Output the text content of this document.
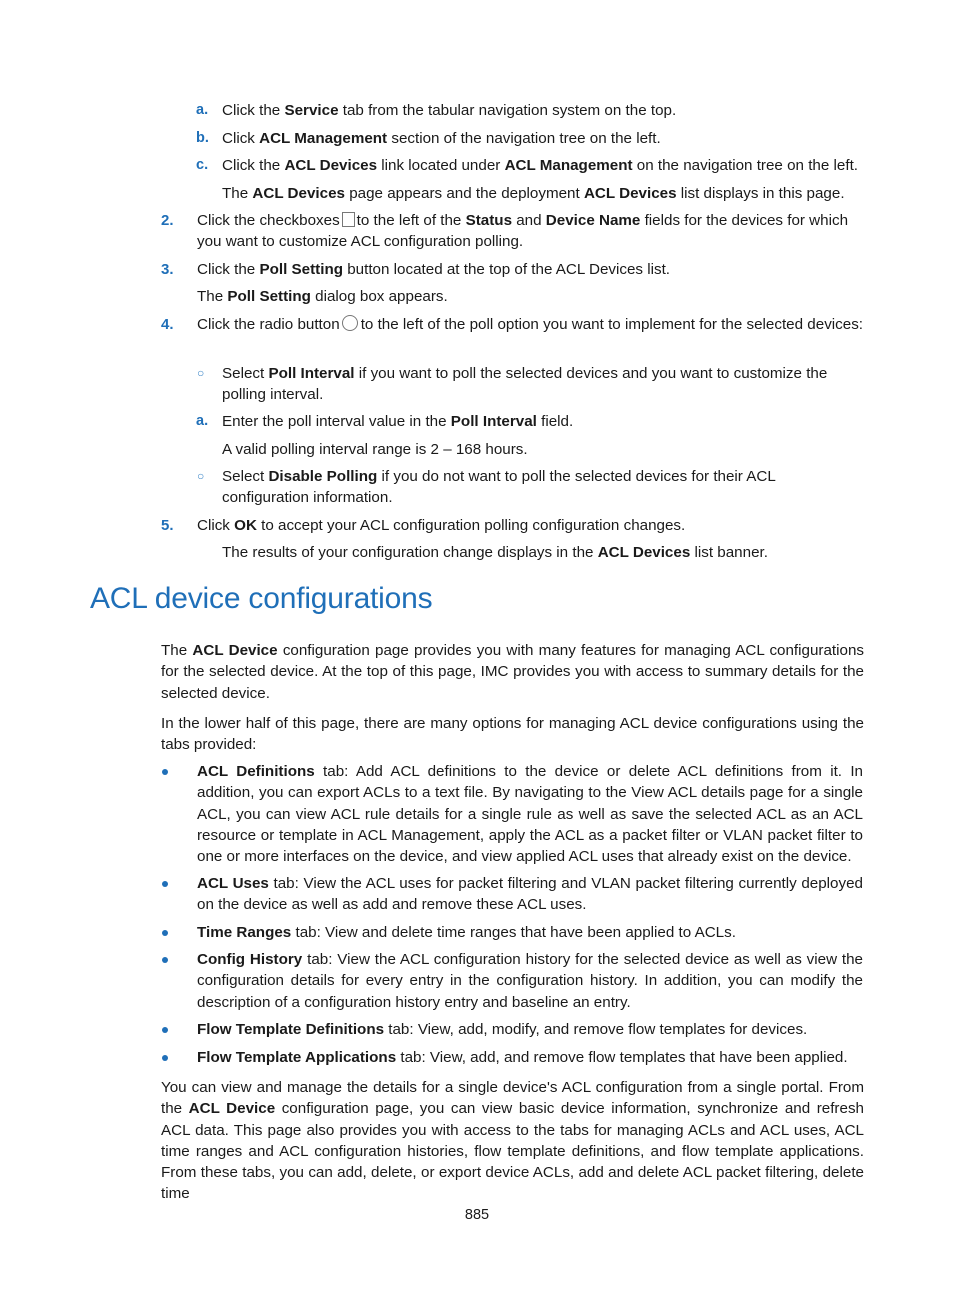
a. Click the Service tab from the tabular navigation system on the top.

b. Click ACL Management section of the navigation tree on the left.

c. Click the ACL Devices link located under ACL Management on the navigation tree on the left.

The ACL Devices page appears and the deployment ACL Devices list displays in this page.

2. Click the checkboxes to the left of the Status and Device Name fields for the devices for which you want to customize ACL configuration polling.

3. Click the Poll Setting button located at the top of the ACL Devices list.

The Poll Setting dialog box appears.

4. Click the radio button to the left of the poll option you want to implement for the selected devices:

○ Select Poll Interval if you want to poll the selected devices and you want to customize the polling interval.

a. Enter the poll interval value in the Poll Interval field.

A valid polling interval range is 2 – 168 hours.

○ Select Disable Polling if you do not want to poll the selected devices for their ACL configuration information.

5. Click OK to accept your ACL configuration polling configuration changes.

The results of your configuration change displays in the ACL Devices list banner.

ACL device configurations

The ACL Device configuration page provides you with many features for managing ACL configurations for the selected device. At the top of this page, IMC provides you with access to summary details for the selected device.

In the lower half of this page, there are many options for managing ACL device configurations using the tabs provided:

ACL Definitions tab: Add ACL definitions to the device or delete ACL definitions from it. In addition, you can export ACLs to a text file. By navigating to the View ACL details page for a single ACL, you can view ACL rule details for a single rule as well as save the selected ACL as an ACL resource or template in ACL Management, apply the ACL as a packet filter or VLAN packet filter to one or more interfaces on the device, and view applied ACL uses that already exist on the device.

ACL Uses tab: View the ACL uses for packet filtering and VLAN packet filtering currently deployed on the device as well as add and remove these ACL uses.

Time Ranges tab: View and delete time ranges that have been applied to ACLs.

Config History tab: View the ACL configuration history for the selected device as well as view the configuration details for every entry in the configuration history. In addition, you can modify the description of a configuration history entry and baseline an entry.

Flow Template Definitions tab: View, add, modify, and remove flow templates for devices.

Flow Template Applications tab: View, add, and remove flow templates that have been applied.

You can view and manage the details for a single device's ACL configuration from a single portal. From the ACL Device configuration page, you can view basic device information, synchronize and refresh ACL data. This page also provides you with access to the tabs for managing ACLs and ACL uses, ACL time ranges and ACL configuration histories, flow template definitions, and flow template applications. From these tabs, you can add, delete, or export device ACLs, add and delete ACL packet filtering, delete time

885
